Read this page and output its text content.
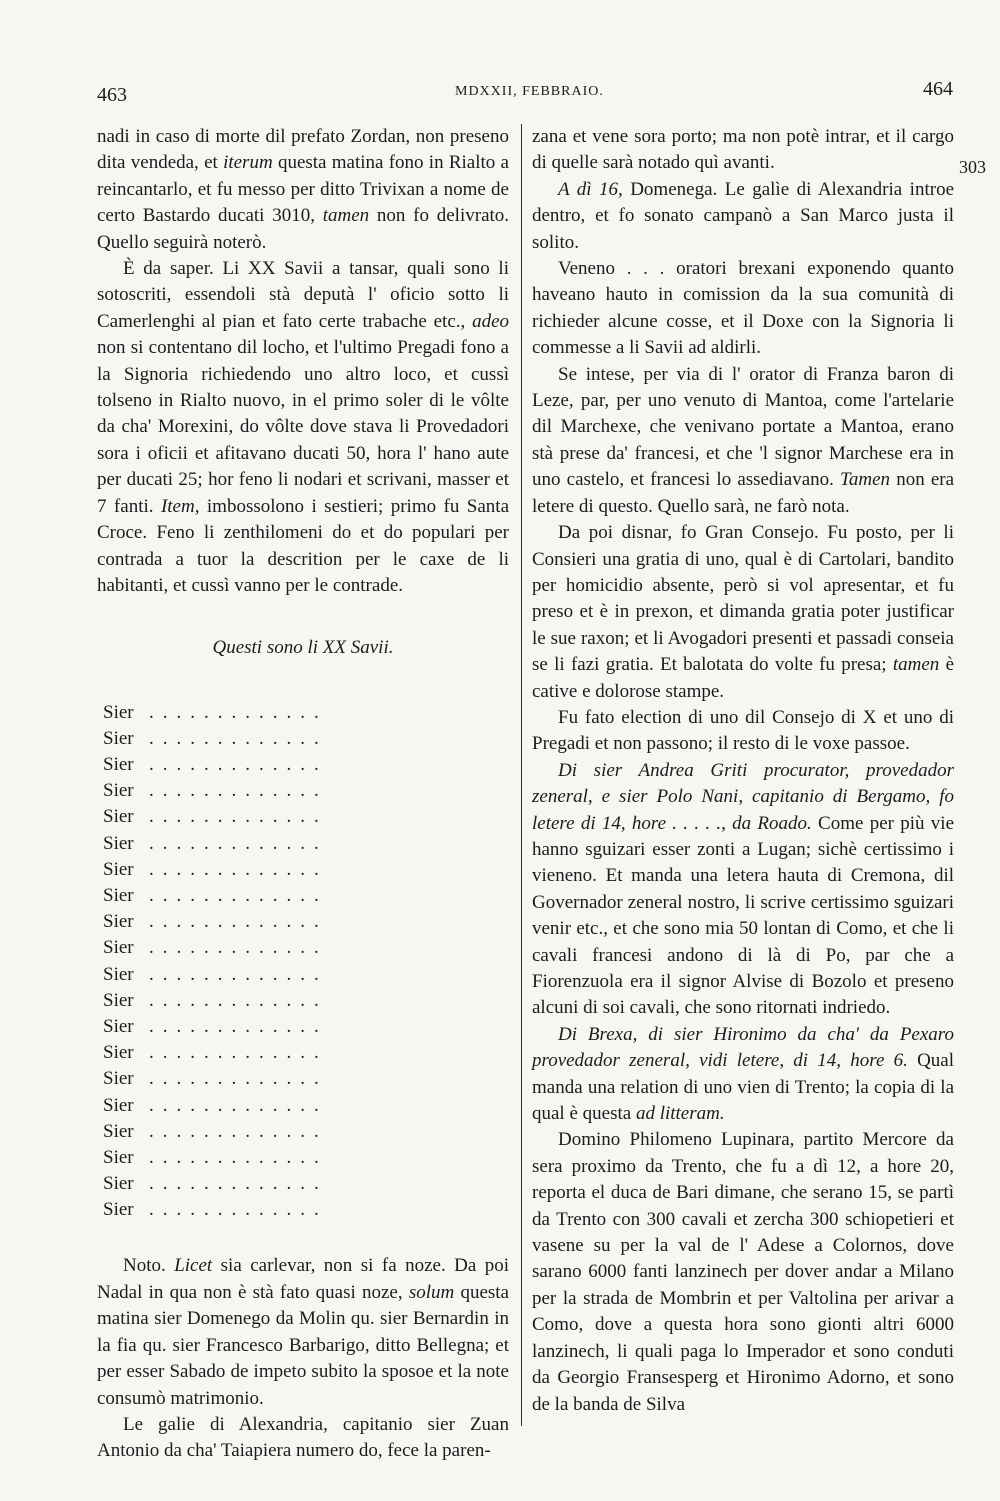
463	MDXXII, FEBBRAIO.	464
303

nadi in caso di morte dil prefato Zordan, non preseno dita vendeda, et iterum questa matina fono in Rialto a reincantarlo, et fu messo per ditto Trivixan a nome de certo Bastardo ducati 3010, tamen non fo delivrato. Quello seguirà noterò.

È da saper. Li XX Savii a tansar, quali sono li sotoscriti, essendoli stà deputà l' oficio sotto li Camerlenghi al pian et fato certe trabache etc., adeo non si contentano dil locho, et l'ultimo Pregadi fono a la Signoria richiedendo uno altro loco, et cussì tolseno in Rialto nuovo, in el primo soler di le vôlte da cha' Morexini, do vôlte dove stava li Provedadori sora i oficii et afitavano ducati 50, hora l' hano aute per ducati 25; hor feno li nodari et scrivani, masser et 7 fanti. Item, imbossolono i sestieri; primo fu Santa Croce. Feno li zenthilomeni do et do populari per contrada a tuor la descrition per le caxe de li habitanti, et cussì vanno per le contrade.

Questi sono li XX Savii.

Sier .............
Sier .............
Sier .............
Sier .............
Sier .............
Sier .............
Sier .............
Sier .............
Sier .............
Sier .............
Sier .............
Sier .............
Sier .............
Sier .............
Sier .............
Sier .............
Sier .............
Sier .............
Sier .............
Sier .............

Noto. Licet sia carlevar, non si fa noze. Da poi Nadal in qua non è stà fato quasi noze, solum questa matina sier Domenego da Molin qu. sier Bernardin in la fia qu. sier Francesco Barbarigo, ditto Bellegna; et per esser Sabado de impeto subito la sposoe et la note consumò matrimonio.

Le galie di Alexandria, capitanio sier Zuan Antonio da cha' Taiapiera numero do, fece la paren-

zana et vene sora porto; ma non potè intrar, et il cargo di quelle sarà notado quì avanti.

A dì 16, Domenega. Le galìe di Alexandria introe dentro, et fo sonato campanò a San Marco justa il solito.

Veneno . . . oratori brexani exponendo quanto haveano hauto in comission da la sua comunità di richieder alcune cosse, et il Doxe con la Signoria li commesse a li Savii ad aldirli.

Se intese, per via di l' orator di Franza baron di Leze, par, per uno venuto di Mantoa, come l'artelarie dil Marchexe, che venivano portate a Mantoa, erano stà prese da' francesi, et che 'l signor Marchese era in uno castelo, et francesi lo assediavano. Tamen non era letere di questo. Quello sarà, ne farò nota.

Da poi disnar, fo Gran Consejo. Fu posto, per li Consieri una gratia di uno, qual è di Cartolari, bandito per homicidio absente, però si vol apresentar, et fu preso et è in prexon, et dimanda gratia poter justificar le sue raxon; et li Avogadori presenti et passadi conseia se li fazi gratia. Et balotata do volte fu presa; tamen è cative e dolorose stampe.

Fu fato election di uno dil Consejo di X et uno di Pregadi et non passono; il resto di le voxe passoe.

Di sier Andrea Griti procurator, provedador zeneral, e sier Polo Nani, capitanio di Bergamo, fo letere di 14, hore . . . . ., da Roado. Come per più vie hanno sguizari esser zonti a Lugan; sichè certissimo i vieneno. Et manda una letera hauta di Cremona, dil Governador zeneral nostro, li scrive certissimo sguizari venir etc., et che sono mia 50 lontan di Como, et che li cavali francesi andono di là di Po, par che a Fiorenzuola era il signor Alvise di Bozolo et preseno alcuni di soi cavali, che sono ritornati indriedo.

Di Brexa, di sier Hironimo da cha' da Pexaro provedador zeneral, vidi letere, di 14, hore 6. Qual manda una relation di uno vien di Trento; la copia di la qual è questa ad litteram.

Domino Philomeno Lupinara, partito Mercore da sera proximo da Trento, che fu a dì 12, a hore 20, reporta el duca de Bari dimane, che serano 15, se partì da Trento con 300 cavali et zercha 300 schiopetieri et vasene su per la val de l' Adese a Colornos, dove sarano 6000 fanti lanzinech per dover andar a Milano per la strada de Mombrin et per Valtolina per arivar a Como, dove a questa hora sono gionti altri 6000 lanzinech, li quali paga lo Imperador et sono conduti da Georgio Fransesperg et Hironimo Adorno, et sono de la banda de Silva
